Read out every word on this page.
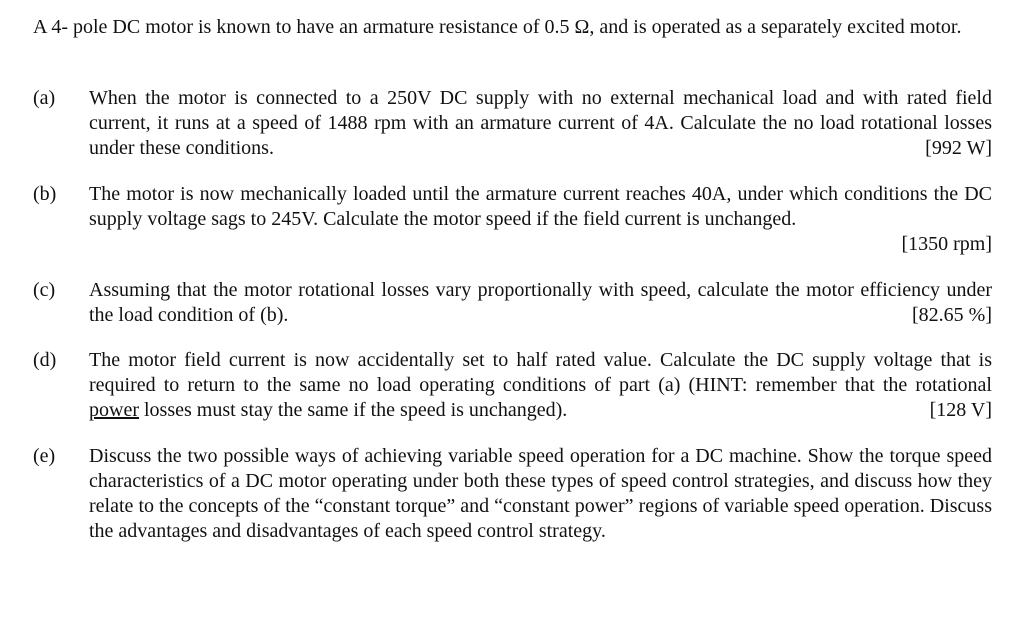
A 4- pole DC motor is known to have an armature resistance of 0.5 Ω, and is operated as a separately excited motor.
(a) When the motor is connected to a 250V DC supply with no external mechanical load and with rated field current, it runs at a speed of 1488 rpm with an armature current of 4A. Calculate the no load rotational losses under these conditions.	[992 W]
(b) The motor is now mechanically loaded until the armature current reaches 40A, under which conditions the DC supply voltage sags to 245V. Calculate the motor speed if the field current is unchanged.
[1350 rpm]
(c) Assuming that the motor rotational losses vary proportionally with speed, calculate the motor efficiency under the load condition of (b).	[82.65 %]
(d) The motor field current is now accidentally set to half rated value. Calculate the DC supply voltage that is required to return to the same no load operating conditions of part (a) (HINT: remember that the rotational power losses must stay the same if the speed is unchanged).	[128 V]
(e) Discuss the two possible ways of achieving variable speed operation for a DC machine. Show the torque speed characteristics of a DC motor operating under both these types of speed control strategies, and discuss how they relate to the concepts of the “constant torque” and “constant power” regions of variable speed operation. Discuss the advantages and disadvantages of each speed control strategy.
